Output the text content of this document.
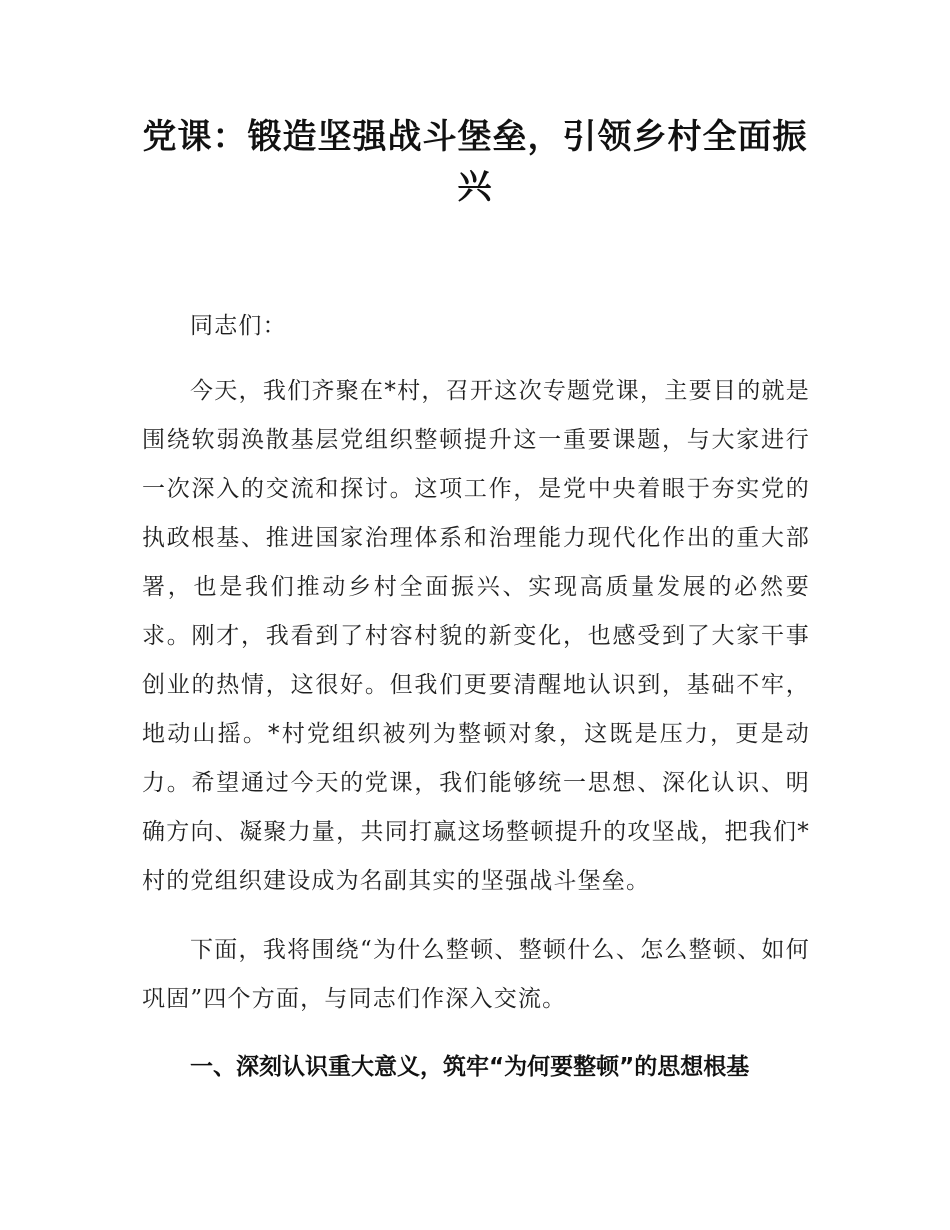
党课：锻造坚强战斗堡垒，引领乡村全面振兴

同志们：

今天，我们齐聚在*村，召开这次专题党课，主要目的就是围绕软弱涣散基层党组织整顿提升这一重要课题，与大家进行一次深入的交流和探讨。这项工作，是党中央着眼于夯实党的执政根基、推进国家治理体系和治理能力现代化作出的重大部署，也是我们推动乡村全面振兴、实现高质量发展的必然要求。刚才，我看到了村容村貌的新变化，也感受到了大家干事创业的热情，这很好。但我们更要清醒地认识到，基础不牢，地动山摇。*村党组织被列为整顿对象，这既是压力，更是动力。希望通过今天的党课，我们能够统一思想、深化认识、明确方向、凝聚力量，共同打赢这场整顿提升的攻坚战，把我们*村的党组织建设成为名副其实的坚强战斗堡垒。

下面，我将围绕“为什么整顿、整顿什么、怎么整顿、如何巩固”四个方面，与同志们作深入交流。

一、深刻认识重大意义，筑牢“为何要整顿”的思想根基
